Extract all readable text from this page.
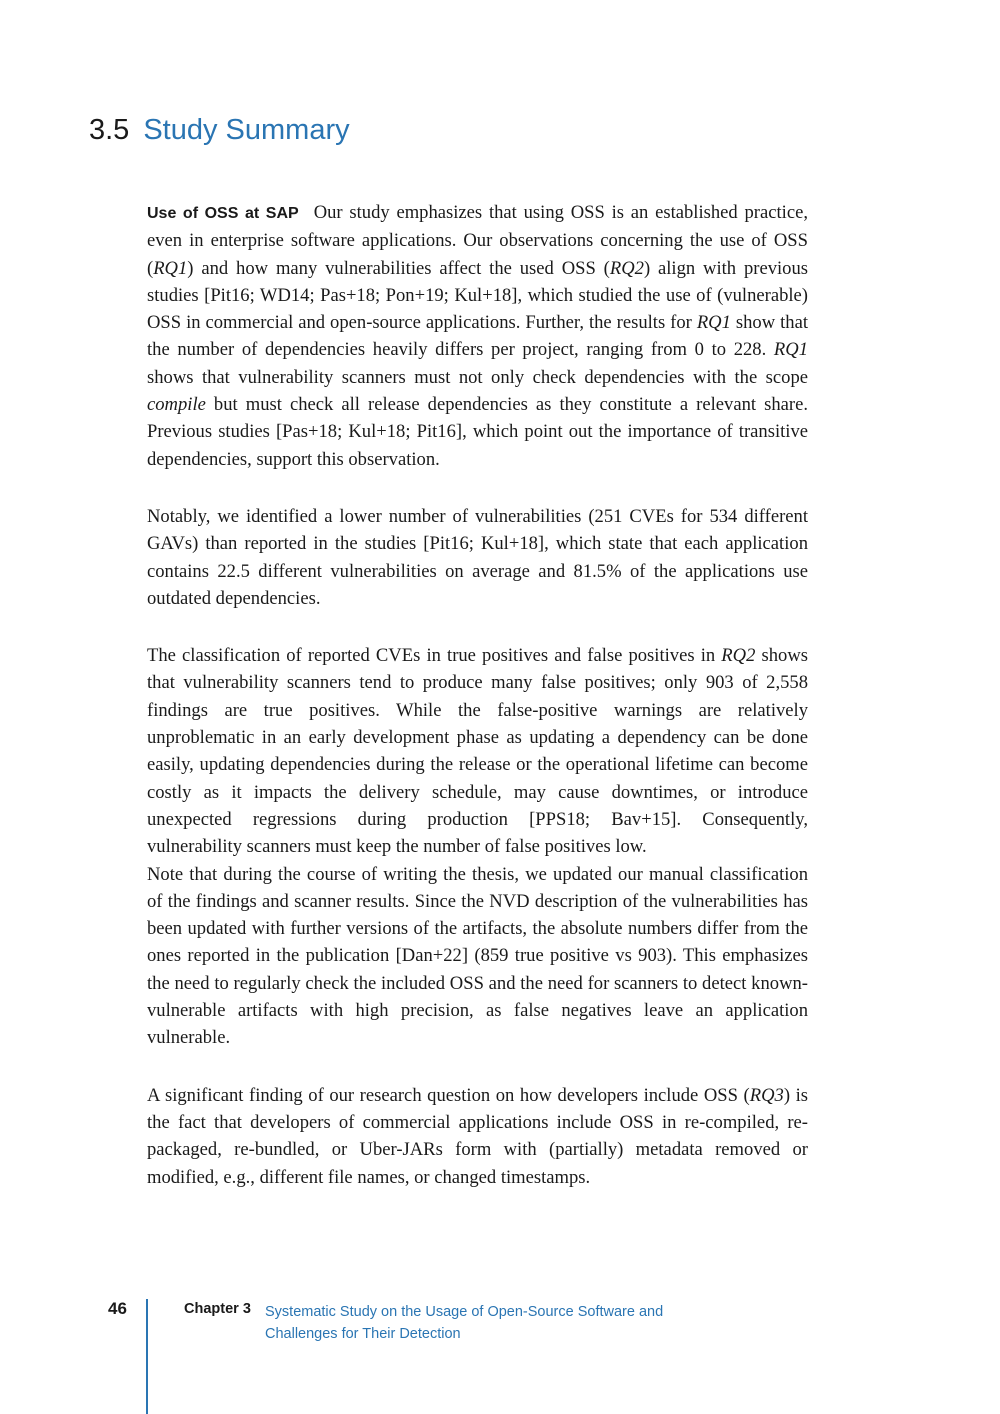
3.5 Study Summary

Use of OSS at SAP Our study emphasizes that using OSS is an established practice, even in enterprise software applications. Our observations concerning the use of OSS (RQ1) and how many vulnerabilities affect the used OSS (RQ2) align with previous studies [Pit16; WD14; Pas+18; Pon+19; Kul+18], which studied the use of (vulnerable) OSS in commercial and open-source applications. Further, the results for RQ1 show that the number of dependencies heavily differs per project, ranging from 0 to 228. RQ1 shows that vulnerability scanners must not only check dependencies with the scope compile but must check all release dependencies as they constitute a relevant share. Previous studies [Pas+18; Kul+18; Pit16], which point out the importance of transitive dependencies, support this observation.

Notably, we identified a lower number of vulnerabilities (251 CVEs for 534 different GAVs) than reported in the studies [Pit16; Kul+18], which state that each application contains 22.5 different vulnerabilities on average and 81.5% of the applications use outdated dependencies.

The classification of reported CVEs in true positives and false positives in RQ2 shows that vulnerability scanners tend to produce many false positives; only 903 of 2,558 findings are true positives. While the false-positive warnings are relatively unproblematic in an early development phase as updating a dependency can be done easily, updating dependencies during the release or the operational lifetime can become costly as it impacts the delivery schedule, may cause downtimes, or introduce unexpected regressions during production [PPS18; Bav+15]. Consequently, vulnerability scanners must keep the number of false positives low.

Note that during the course of writing the thesis, we updated our manual classification of the findings and scanner results. Since the NVD description of the vulnerabilities has been updated with further versions of the artifacts, the absolute numbers differ from the ones reported in the publication [Dan+22] (859 true positive vs 903). This emphasizes the need to regularly check the included OSS and the need for scanners to detect known-vulnerable artifacts with high precision, as false negatives leave an application vulnerable.

A significant finding of our research question on how developers include OSS (RQ3) is the fact that developers of commercial applications include OSS in re-compiled, re-packaged, re-bundled, or Uber-JARs form with (partially) metadata removed or modified, e.g., different file names, or changed timestamps.

46	Chapter 3 Systematic Study on the Usage of Open-Source Software and
Challenges for Their Detection
